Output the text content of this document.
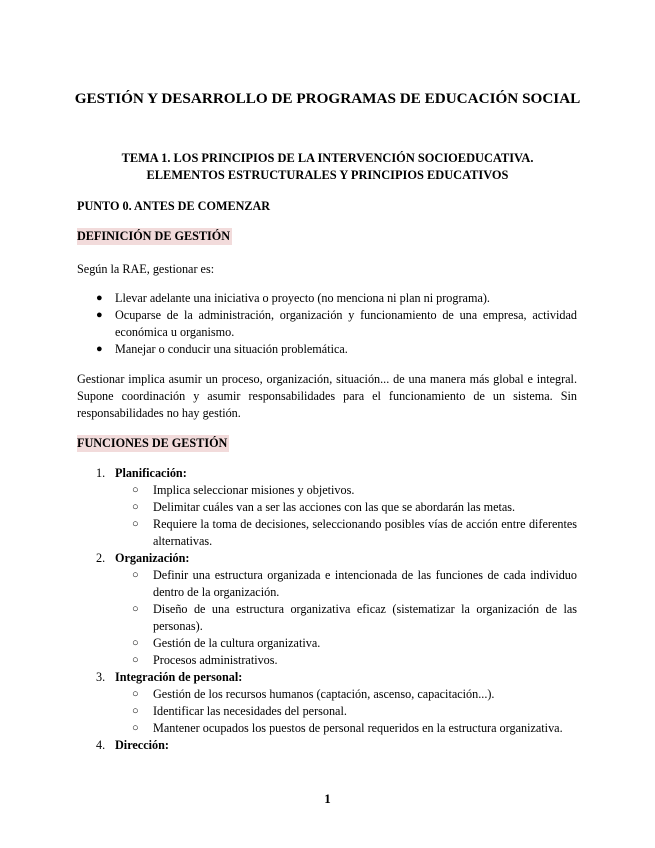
GESTIÓN Y DESARROLLO DE PROGRAMAS DE EDUCACIÓN SOCIAL
TEMA 1. LOS PRINCIPIOS DE LA INTERVENCIÓN SOCIOEDUCATIVA.
ELEMENTOS ESTRUCTURALES Y PRINCIPIOS EDUCATIVOS
PUNTO 0. ANTES DE COMENZAR
DEFINICIÓN DE GESTIÓN

Según la RAE, gestionar es:

● Llevar adelante una iniciativa o proyecto (no menciona ni plan ni programa).
● Ocuparse de la administración, organización y funcionamiento de una empresa, actividad económica u organismo.
● Manejar o conducir una situación problemática.

Gestionar implica asumir un proceso, organización, situación... de una manera más global e integral. Supone coordinación y asumir responsabilidades para el funcionamiento de un sistema. Sin responsabilidades no hay gestión.

FUNCIONES DE GESTIÓN
1. Planificación:
○ Implica seleccionar misiones y objetivos.
○ Delimitar cuáles van a ser las acciones con las que se abordarán las metas.
○ Requiere la toma de decisiones, seleccionando posibles vías de acción entre diferentes alternativas.
2. Organización:
○ Definir una estructura organizada e intencionada de las funciones de cada individuo dentro de la organización.
○ Diseño de una estructura organizativa eficaz (sistematizar la organización de las personas).
○ Gestión de la cultura organizativa.
○ Procesos administrativos.
3. Integración de personal:
○ Gestión de los recursos humanos (captación, ascenso, capacitación...).
○ Identificar las necesidades del personal.
○ Mantener ocupados los puestos de personal requeridos en la estructura organizativa.
4. Dirección:
1
